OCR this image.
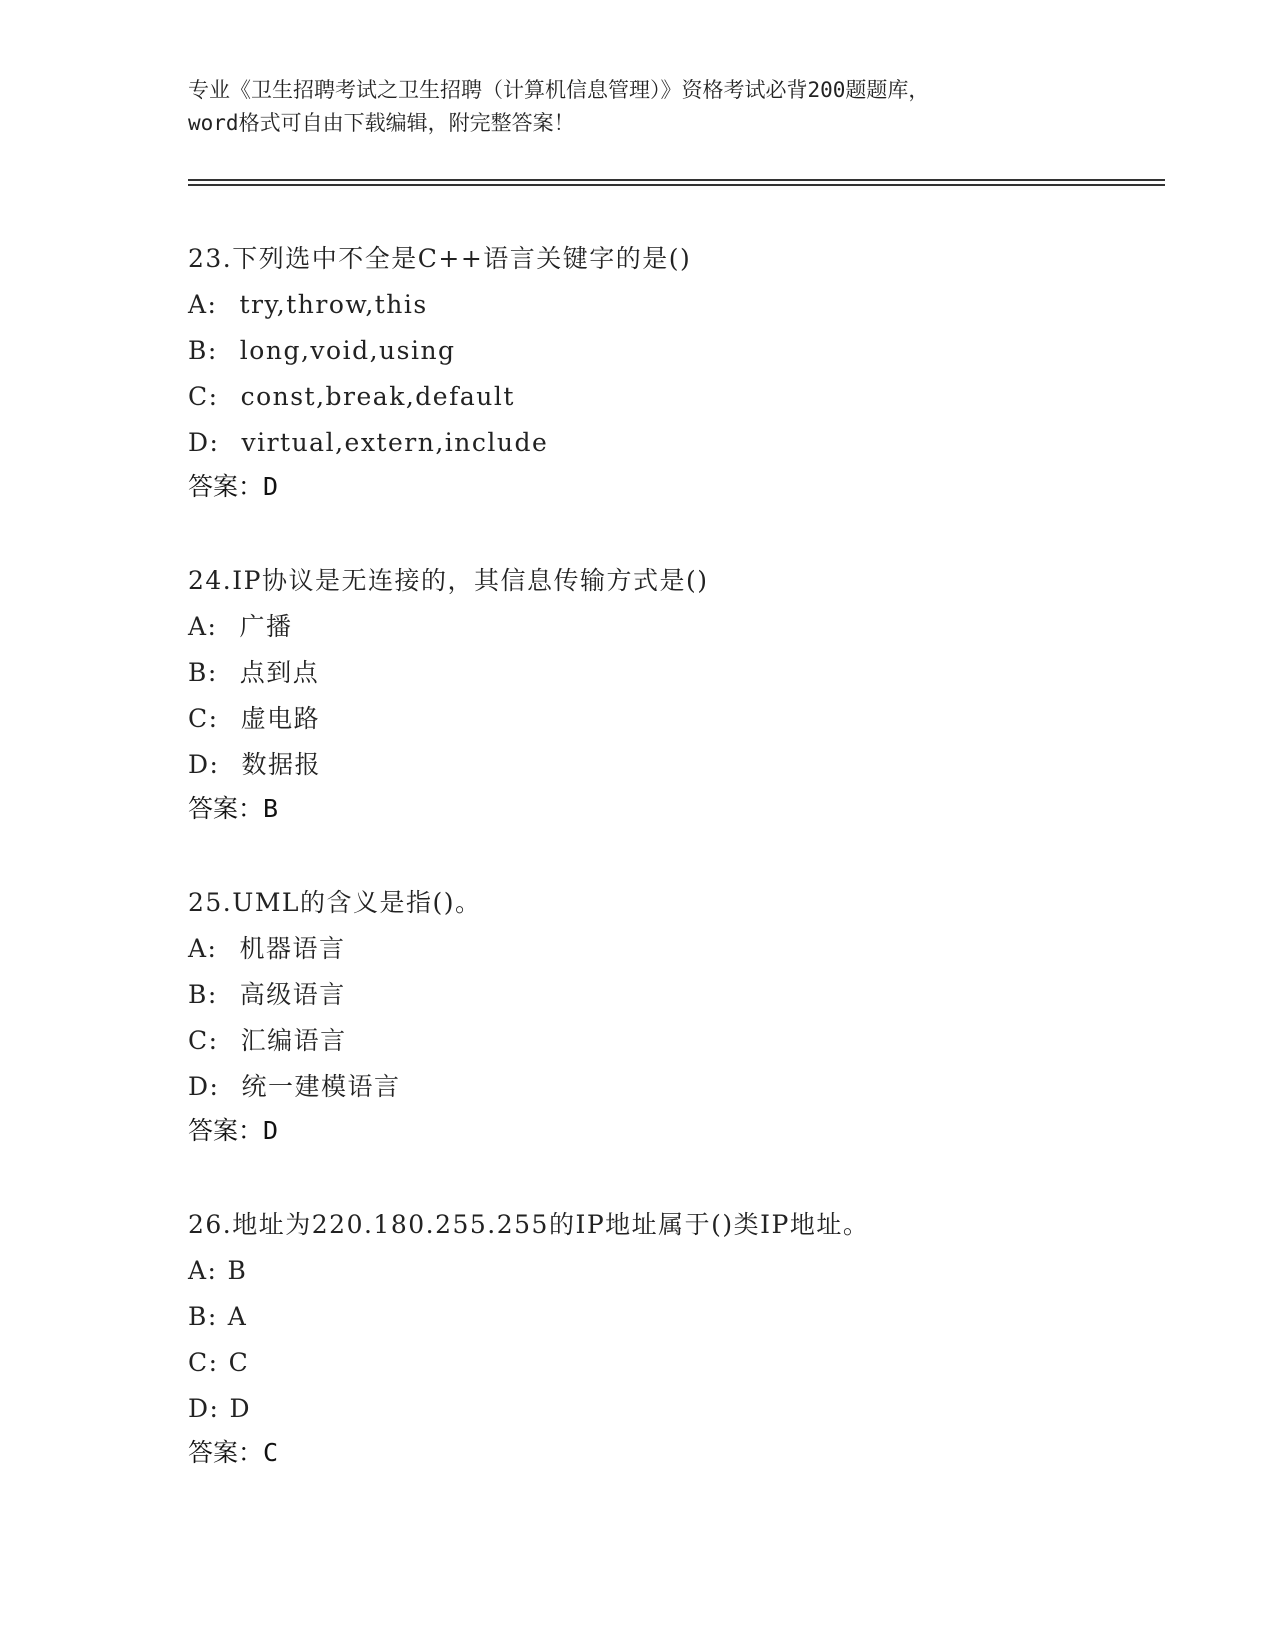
专业《卫生招聘考试之卫生招聘（计算机信息管理）》资格考试必背200题题库，
word格式可自由下载编辑，附完整答案！
23.下列选中不全是C++语言关键字的是()
A: try,throw,this
B: long,void,using
C: const,break,default
D: virtual,extern,include
答案：D
24.IP协议是无连接的，其信息传输方式是()
A: 广播
B: 点到点
C: 虚电路
D: 数据报
答案：B
25.UML的含义是指()。
A: 机器语言
B: 高级语言
C: 汇编语言
D: 统一建模语言
答案：D
26.地址为220.180.255.255的IP地址属于()类IP地址。
A: B
B: A
C: C
D: D
答案：C
